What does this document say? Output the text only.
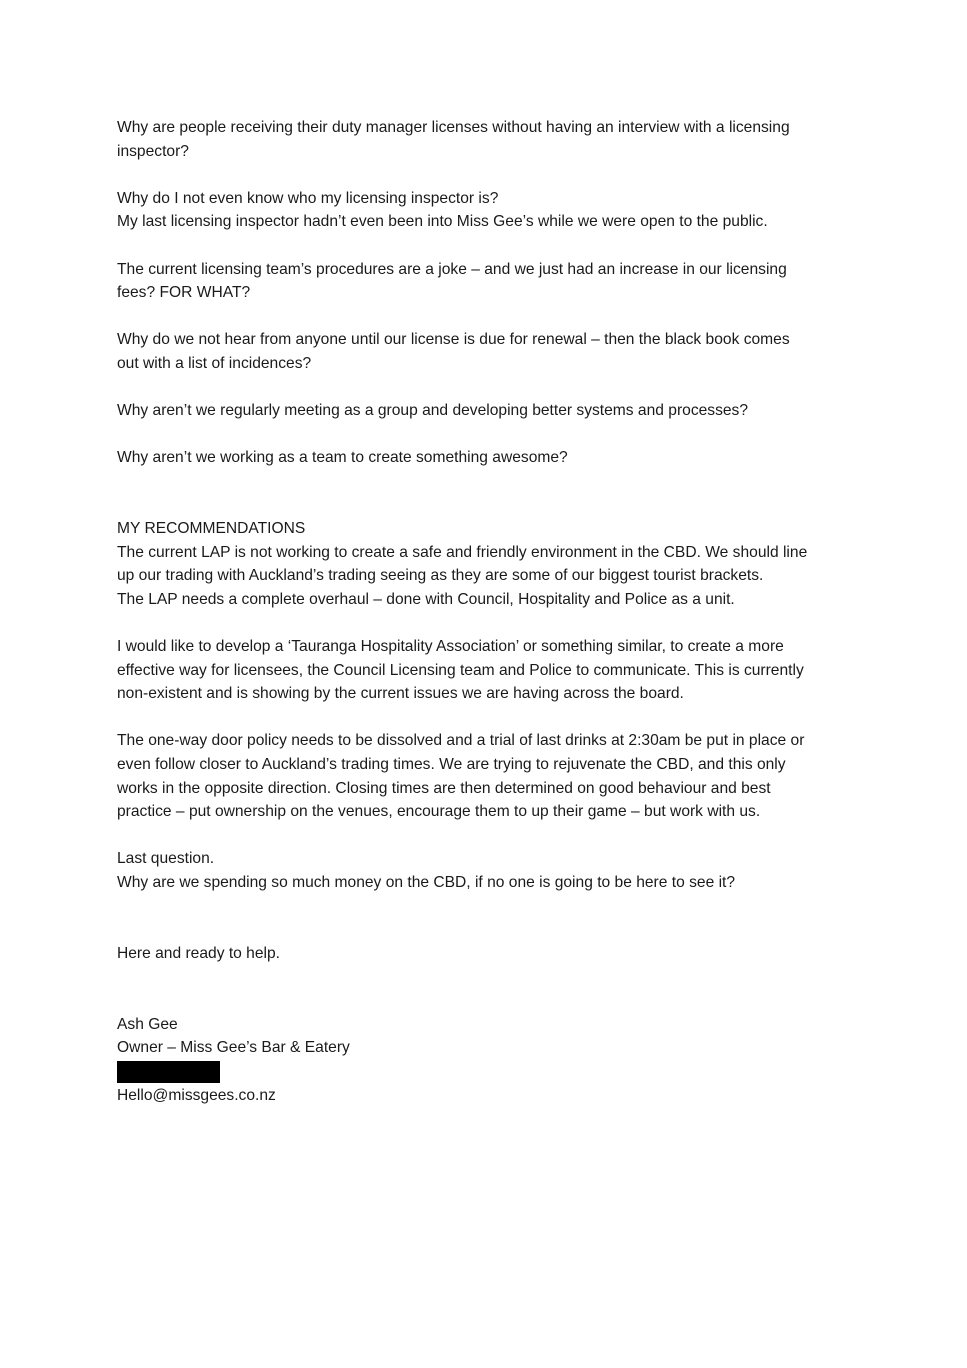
Why are people receiving their duty manager licenses without having an interview with a licensing
inspector?

Why do I not even know who my licensing inspector is?
My last licensing inspector hadn’t even been into Miss Gee’s while we were open to the public.

The current licensing team’s procedures are a joke – and we just had an increase in our licensing
fees? FOR WHAT?

Why do we not hear from anyone until our license is due for renewal – then the black book comes
out with a list of incidences?

Why aren’t we regularly meeting as a group and developing better systems and processes?

Why aren’t we working as a team to create something awesome?

MY RECOMMENDATIONS
The current LAP is not working to create a safe and friendly environment in the CBD. We should line
up our trading with Auckland’s trading seeing as they are some of our biggest tourist brackets.
The LAP needs a complete overhaul – done with Council, Hospitality and Police as a unit.

I would like to develop a ‘Tauranga Hospitality Association’ or something similar, to create a more
effective way for licensees, the Council Licensing team and Police to communicate. This is currently
non-existent and is showing by the current issues we are having across the board.

The one-way door policy needs to be dissolved and a trial of last drinks at 2:30am be put in place or
even follow closer to Auckland’s trading times. We are trying to rejuvenate the CBD, and this only
works in the opposite direction. Closing times are then determined on good behaviour and best
practice – put ownership on the venues, encourage them to up their game – but work with us.

Last question.
Why are we spending so much money on the CBD, if no one is going to be here to see it?

Here and ready to help.

Ash Gee
Owner – Miss Gee’s Bar & Eatery
Hello@missgees.co.nz
